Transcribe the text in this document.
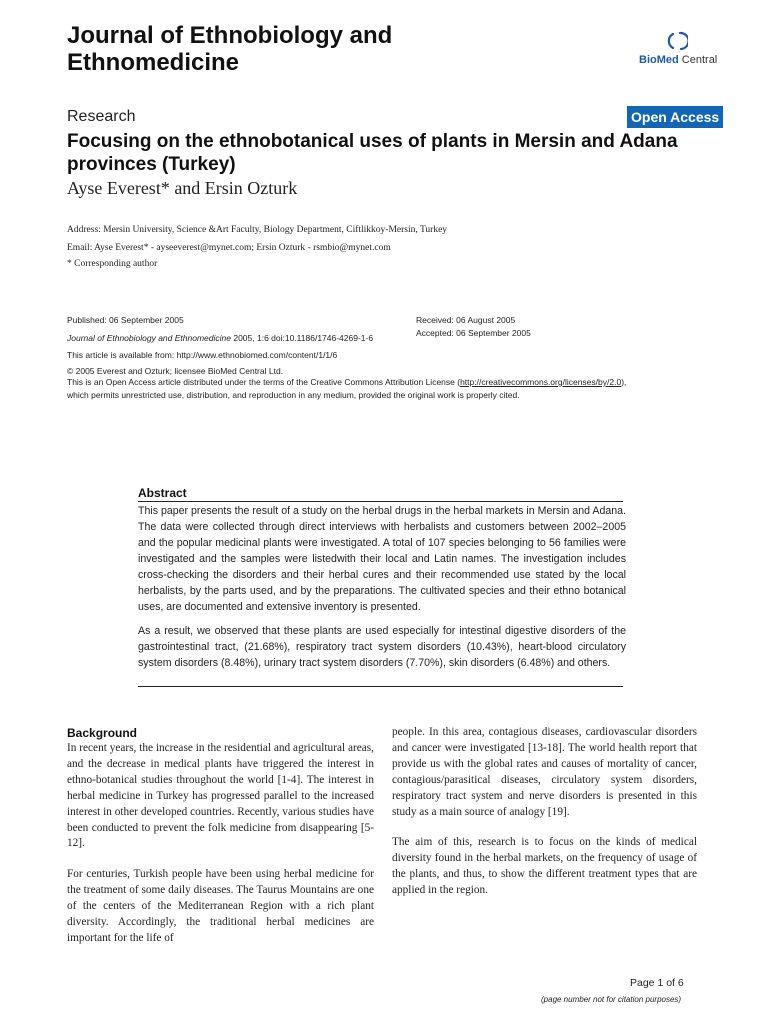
Journal of Ethnobiology and Ethnomedicine	BioMed Central
Research	Open Access
Focusing on the ethnobotanical uses of plants in Mersin and Adana provinces (Turkey)
Ayse Everest* and Ersin Ozturk
Address: Mersin University, Science &Art Faculty, Biology Department, Ciftlikkoy-Mersin, Turkey
Email: Ayse Everest* - ayseeverest@mynet.com; Ersin Ozturk - rsmbio@mynet.com
* Corresponding author
Published: 06 September 2005
Journal of Ethnobiology and Ethnomedicine 2005, 1:6 doi:10.1186/1746-4269-1-6
This article is available from: http://www.ethnobiomed.com/content/1/1/6
Received: 06 August 2005
Accepted: 06 September 2005
© 2005 Everest and Ozturk; licensee BioMed Central Ltd.
This is an Open Access article distributed under the terms of the Creative Commons Attribution License (http://creativecommons.org/licenses/by/2.0),
which permits unrestricted use, distribution, and reproduction in any medium, provided the original work is properly cited.
Abstract

This paper presents the result of a study on the herbal drugs in the herbal markets in Mersin and Adana. The data were collected through direct interviews with herbalists and customers between 2002–2005 and the popular medicinal plants were investigated. A total of 107 species belonging to 56 families were investigated and the samples were listedwith their local and Latin names. The investigation includes cross-checking the disorders and their herbal cures and their recommended use stated by the local herbalists, by the parts used, and by the preparations. The cultivated species and their ethno botanical uses, are documented and extensive inventory is presented.

As a result, we observed that these plants are used especially for intestinal digestive disorders of the gastrointestinal tract, (21.68%), respiratory tract system disorders (10.43%), heart-blood circulatory system disorders (8.48%), urinary tract system disorders (7.70%), skin disorders (6.48%) and others.

Background

In recent years, the increase in the residential and agricultural areas, and the decrease in medical plants have triggered the interest in ethno-botanical studies throughout the world [1-4]. The interest in herbal medicine in Turkey has progressed parallel to the increased interest in other developed countries. Recently, various studies have been conducted to prevent the folk medicine from disappearing [5-12].

For centuries, Turkish people have been using herbal medicine for the treatment of some daily diseases. The Taurus Mountains are one of the centers of the Mediterranean Region with a rich plant diversity. Accordingly, the traditional herbal medicines are important for the life of

people. In this area, contagious diseases, cardiovascular disorders and cancer were investigated [13-18]. The world health report that provide us with the global rates and causes of mortality of cancer, contagious/parasitical diseases, circulatory system disorders, respiratory tract system and nerve disorders is presented in this study as a main source of analogy [19].

The aim of this, research is to focus on the kinds of medical diversity found in the herbal markets, on the frequency of usage of the plants, and thus, to show the different treatment types that are applied in the region.

Page 1 of 6
(page number not for citation purposes)
